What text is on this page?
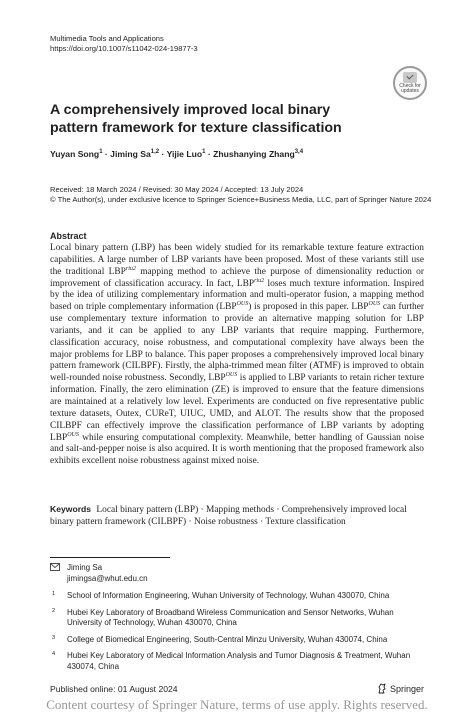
Multimedia Tools and Applications
https://doi.org/10.1007/s11042-024-19877-3
Check for
updates
A comprehensively improved local binary pattern framework for texture classification
Yuyan Song$^1$ · Jiming Sa$^{1,2}$ · Yijie Luo$^1$ · Zhushanying Zhang$^{3,4}$
Received: 18 March 2024 / Revised: 30 May 2024 / Accepted: 13 July 2024
© The Author(s), under exclusive licence to Springer Science+Business Media, LLC, part of Springer Nature 2024
Abstract

Local binary pattern (LBP) has been widely studied for its remarkable texture feature extraction capabilities. A large number of LBP variants have been proposed. Most of these variants still use the traditional $LBP^{riu2}$ mapping method to achieve the purpose of dimensionality reduction or improvement of classification accuracy. In fact, $LBP^{riu2}$ loses much texture information. Inspired by the idea of utilizing complementary information and multi-operator fusion, a mapping method based on triple complementary information $(LBP^{OUS})$ is proposed in this paper. $LBP^{OUS}$ can further use complementary texture information to provide an alternative mapping solution for LBP variants, and it can be applied to any LBP variants that require mapping. Furthermore, classification accuracy, noise robustness, and computational complexity have always been the major problems for LBP to balance. This paper proposes a comprehensively improved local binary pattern framework (CILBPF). Firstly, the alpha-trimmed mean filter (ATMF) is improved to obtain well-rounded noise robustness. Secondly, $LBP^{OUS}$ is applied to LBP variants to retain richer texture information. Finally, the zero elimination (ZE) is improved to ensure that the feature dimensions are maintained at a relatively low level. Experiments are conducted on five representative public texture datasets, Outex, CUReT, UIUC, UMD, and ALOT. The results show that the proposed CILBPF can effectively improve the classification performance of LBP variants by adopting $LBP^{OUS}$ while ensuring computational complexity. Meanwhile, better handling of Gaussian noise and salt-and-pepper noise is also acquired. It is worth mentioning that the proposed framework also exhibits excellent noise robustness against mixed noise.

Keywords Local binary pattern (LBP) · Mapping methods · Comprehensively improved local binary pattern framework (CILBPF) · Noise robustness · Texture classification
Jiming Sa
jimingsa@whut.edu.cn
1 School of Information Engineering, Wuhan University of Technology, Wuhan 430070, China
2 Hubei Key Laboratory of Broadband Wireless Communication and Sensor Networks, Wuhan University of Technology, Wuhan 430070, China
3 College of Biomedical Engineering, South-Central Minzu University, Wuhan 430074, China
4 Hubei Key Laboratory of Medical Information Analysis and Tumor Diagnosis & Treatment, Wuhan 430074, China
Published online: 01 August 2024	Springer
Content courtesy of Springer Nature, terms of use apply. Rights reserved.
